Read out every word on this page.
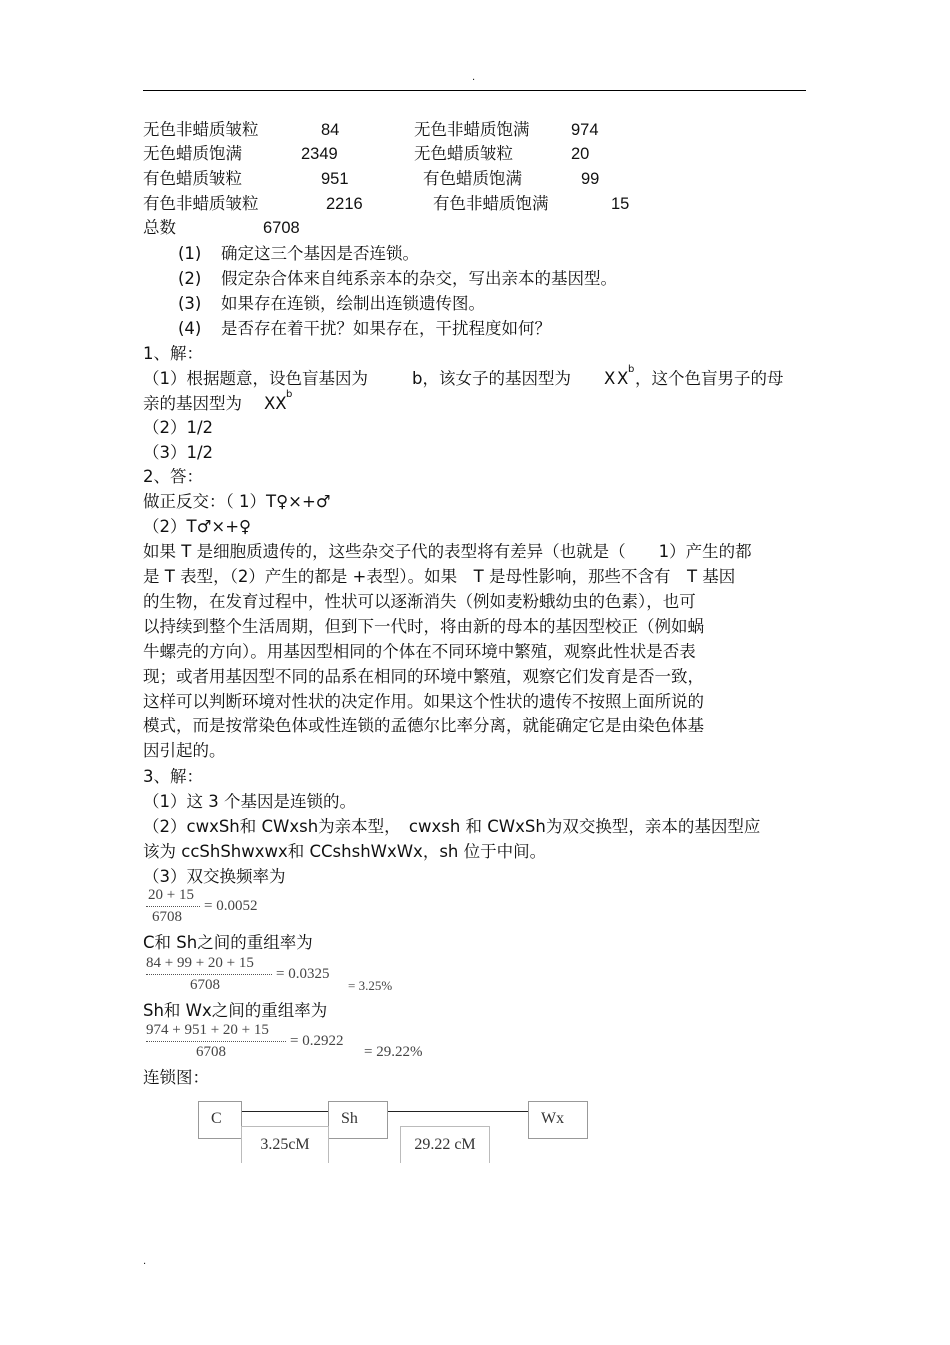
.
无色非蜡质皱粒	84	无色非蜡质饱满	974
无色蜡质饱满	2349	无色蜡质皱粒	20
有色蜡质皱粒	951	有色蜡质饱满	99
有色非蜡质皱粒	2216	有色非蜡质饱满	15
总数	6708
(1) 确定这三个基因是否连锁。
(2) 假定杂合体来自纯系亲本的杂交，写出亲本的基因型。
(3) 如果存在连锁，绘制出连锁遗传图。
(4) 是否存在着干扰？如果存在，干扰程度如何？
1、解：
（1）根据题意，设色盲基因为	b，该女子的基因型为 X X b ，这个色盲男子的母
亲的基因型为 XX b
（2）1/2
（3）1/2
2、答：
做正反交：（ 1）T♀×+♂
（2）T♂×+♀
如果 T 是细胞质遗传的，这些杂交子代的表型将有差异（也就是（　　1）产生的都
是 T 表型，（2）产生的都是 +表型）。如果　T 是母性影响，那些不含有　T 基因
的生物，在发育过程中，性状可以逐渐消失（例如麦粉蛾幼虫的色素），也可
以持续到整个生活周期，但到下一代时，将由新的母本的基因型校正（例如蜗
牛螺壳的方向）。用基因型相同的个体在不同环境中繁殖，观察此性状是否表
现；或者用基因型不同的品系在相同的环境中繁殖，观察它们发育是否一致，
这样可以判断环境对性状的决定作用。如果这个性状的遗传不按照上面所说的
模式，而是按常染色体或性连锁的孟德尔比率分离，就能确定它是由染色体基
因引起的。
3、解：
（1）这 3 个基因是连锁的。
（2）cwxSh和 CWxsh为亲本型，　cwxsh 和 CWxSh为双交换型，亲本的基因型应
该为 ccShShwxwx和 CCshshWxWx，sh 位于中间。
（3）双交换频率为
20 + 15
6708
= 0.0052
C和 Sh之间的重组率为
84 + 99 + 20 + 15
6708
= 0.0325
= 3.25%
Sh和 Wx之间的重组率为
974 + 951 + 20 + 15
6708
= 0.2922
= 29.22%
连锁图：
C	Sh	Wx
3.25cM	29.22 cM
.
